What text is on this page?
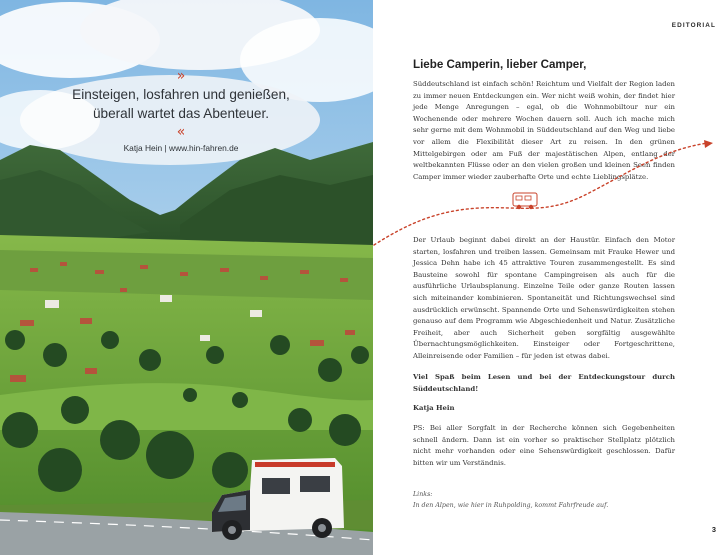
»
Einsteigen, losfahren und genießen,
überall wartet das Abenteuer.
«
Katja Hein | www.hin-fahren.de
EDITORIAL
Liebe Camperin, lieber Camper,

Süddeutschland ist einfach schön! Reichtum und Vielfalt der Region laden zu immer neuen Entdeckungen ein. Wer nicht weiß wohin, der findet hier jede Menge Anregungen – egal, ob die Wohnmobiltour nur ein Wochenende oder mehrere Wochen dauern soll. Auch ich mache mich sehr gerne mit dem Wohnmobil in Süddeutschland auf den Weg und liebe vor allem die Flexibilität dieser Art zu reisen. In den grünen Mittelgebirgen oder am Fuß der majestätischen Alpen, entlang der weltbekannten Flüsse oder an den vielen großen und kleinen Seen finden Camper immer wieder zauberhafte Orte und echte Lieblingsplätze.

Der Urlaub beginnt dabei direkt an der Haustür. Einfach den Motor starten, losfahren und treiben lassen. Gemeinsam mit Frauke Hewer und Jessica Dehn habe ich 45 attraktive Touren zusammengestellt. Es sind Bausteine sowohl für spontane Campingreisen als auch für die ausführliche Urlaubsplanung. Einzelne Teile oder ganze Routen lassen sich miteinander kombinieren. Spontaneität und Richtungswechsel sind ausdrücklich erwünscht. Spannende Orte und Sehenswürdigkeiten stehen genauso auf dem Programm wie Abgeschiedenheit und Natur. Zusätzliche Freiheit, aber auch Sicherheit geben sorgfältig ausgewählte Übernachtungsmöglichkeiten. Einsteiger oder Fortgeschrittene, Alleinreisende oder Familien – für jeden ist etwas dabei.

Viel Spaß beim Lesen und bei der Entdeckungstour durch Süddeutschland!

Katja Hein

PS: Bei aller Sorgfalt in der Recherche können sich Gegebenheiten schnell ändern. Dann ist ein vorher so praktischer Stellplatz plötzlich nicht mehr vorhanden oder eine Sehenswürdigkeit geschlossen. Dafür bitten wir um Verständnis.

Links:
In den Alpen, wie hier in Ruhpolding, kommt Fahrfreude auf.
3
